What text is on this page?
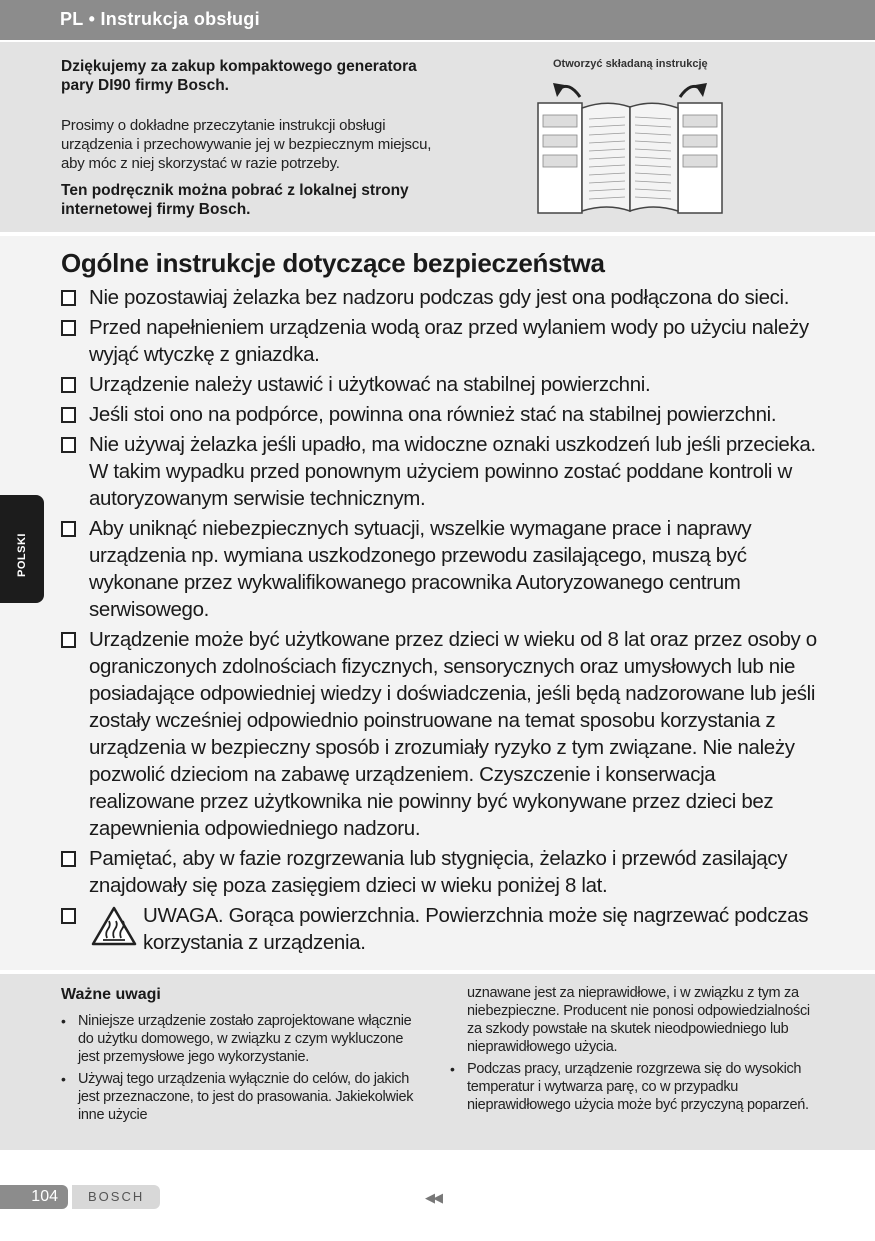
PL • Instrukcja obsługi

Dziękujemy za zakup kompaktowego generatora pary DI90 firmy Bosch.

Prosimy o dokładne przeczytanie instrukcji obsługi urządzenia i przechowywanie jej w bezpiecznym miejscu, aby móc z niej skorzystać w razie potrzeby.

Ten podręcznik można pobrać z lokalnej strony internetowej firmy Bosch.

Otworzyć składaną instrukcję
Ogólne instrukcje dotyczące bezpieczeństwa
Nie pozostawiaj żelazka bez nadzoru podczas gdy jest ona podłączona do sieci.
Przed napełnieniem urządzenia wodą oraz przed wylaniem wody po użyciu należy wyjąć wtyczkę z gniazdka.
Urządzenie należy ustawić i użytkować na stabilnej powierzchni.
Jeśli stoi ono na podpórce, powinna ona również stać na stabilnej powierzchni.
Nie używaj żelazka jeśli upadło, ma widoczne oznaki uszkodzeń lub jeśli przecieka. W takim wypadku przed ponownym użyciem powinno zostać poddane kontroli w autoryzowanym serwisie technicznym.
Aby uniknąć niebezpiecznych sytuacji, wszelkie wymagane prace i naprawy urządzenia np. wymiana uszkodzonego przewodu zasilającego, muszą być wykonane przez wykwalifikowanego pracownika Autoryzowanego centrum serwisowego.
Urządzenie może być użytkowane przez dzieci w wieku od 8 lat oraz przez osoby o ograniczonych zdolnościach fizycznych, sensorycznych oraz umysłowych lub nie posiadające odpowiedniej wiedzy i doświadczenia, jeśli będą nadzorowane lub jeśli zostały wcześniej odpowiednio poinstruowane na temat sposobu korzystania z urządzenia w bezpieczny sposób i zrozumiały ryzyko z tym związane. Nie należy pozwolić dzieciom na zabawę urządzeniem. Czyszczenie i konserwacja realizowane przez użytkownika nie powinny być wykonywane przez dzieci bez zapewnienia odpowiedniego nadzoru.
Pamiętać, aby w fazie rozgrzewania lub stygnięcia, żelazko i przewód zasilający znajdowały się poza zasięgiem dzieci w wieku poniżej 8 lat.
UWAGA. Gorąca powierzchnia. Powierzchnia może się nagrzewać podczas korzystania z urządzenia.
POLSKI
Ważne uwagi

• Niniejsze urządzenie zostało zaprojektowane włącznie do użytku domowego, w związku z czym wykluczone jest przemysłowe jego wykorzystanie.

• Używaj tego urządzenia wyłącznie do celów, do jakich jest przeznaczone, to jest do prasowania. Jakiekolwiek inne użycie

uznawane jest za nieprawidłowe, i w związku z tym za niebezpieczne. Producent nie ponosi odpowiedzialności za szkody powstałe na skutek nieodpowiedniego lub nieprawidłowego użycia.

• Podczas pracy, urządzenie rozgrzewa się do wysokich temperatur i wytwarza parę, co w przypadku nieprawidłowego użycia może być przyczyną poparzeń.

104	BOSCH	◀◀
